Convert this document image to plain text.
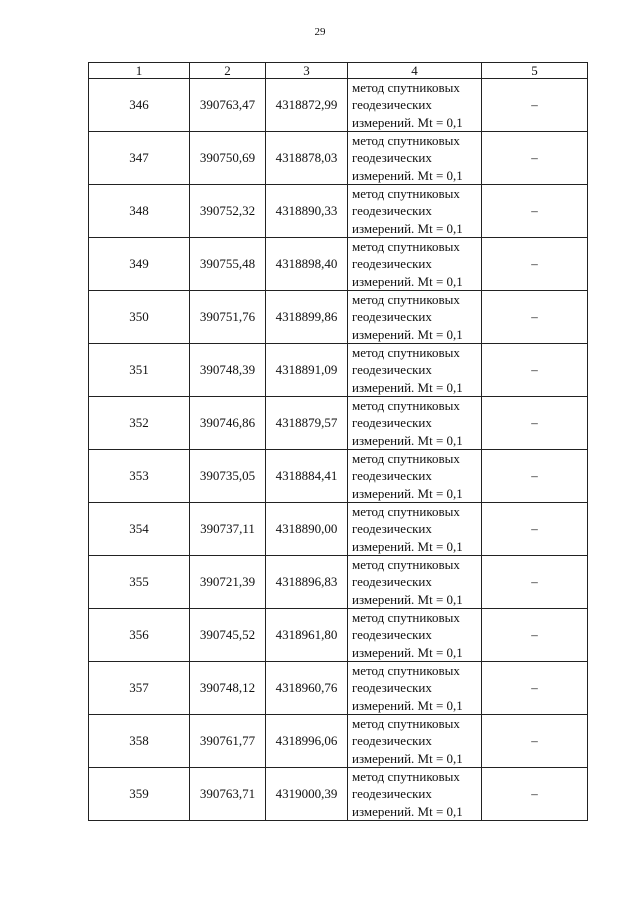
29
1	2	3	4	5
346	390763,47	4318872,99	метод спутниковых
геодезических
измерений. Mt = 0,1	–
347	390750,69	4318878,03	метод спутниковых
геодезических
измерений. Mt = 0,1	–
348	390752,32	4318890,33	метод спутниковых
геодезических
измерений. Mt = 0,1	–
349	390755,48	4318898,40	метод спутниковых
геодезических
измерений. Mt = 0,1	–
350	390751,76	4318899,86	метод спутниковых
геодезических
измерений. Mt = 0,1	–
351	390748,39	4318891,09	метод спутниковых
геодезических
измерений. Mt = 0,1	–
352	390746,86	4318879,57	метод спутниковых
геодезических
измерений. Mt = 0,1	–
353	390735,05	4318884,41	метод спутниковых
геодезических
измерений. Mt = 0,1	–
354	390737,11	4318890,00	метод спутниковых
геодезических
измерений. Mt = 0,1	–
355	390721,39	4318896,83	метод спутниковых
геодезических
измерений. Mt = 0,1	–
356	390745,52	4318961,80	метод спутниковых
геодезических
измерений. Mt = 0,1	–
357	390748,12	4318960,76	метод спутниковых
геодезических
измерений. Mt = 0,1	–
358	390761,77	4318996,06	метод спутниковых
геодезических
измерений. Mt = 0,1	–
359	390763,71	4319000,39	метод спутниковых
геодезических
измерений. Mt = 0,1	–
